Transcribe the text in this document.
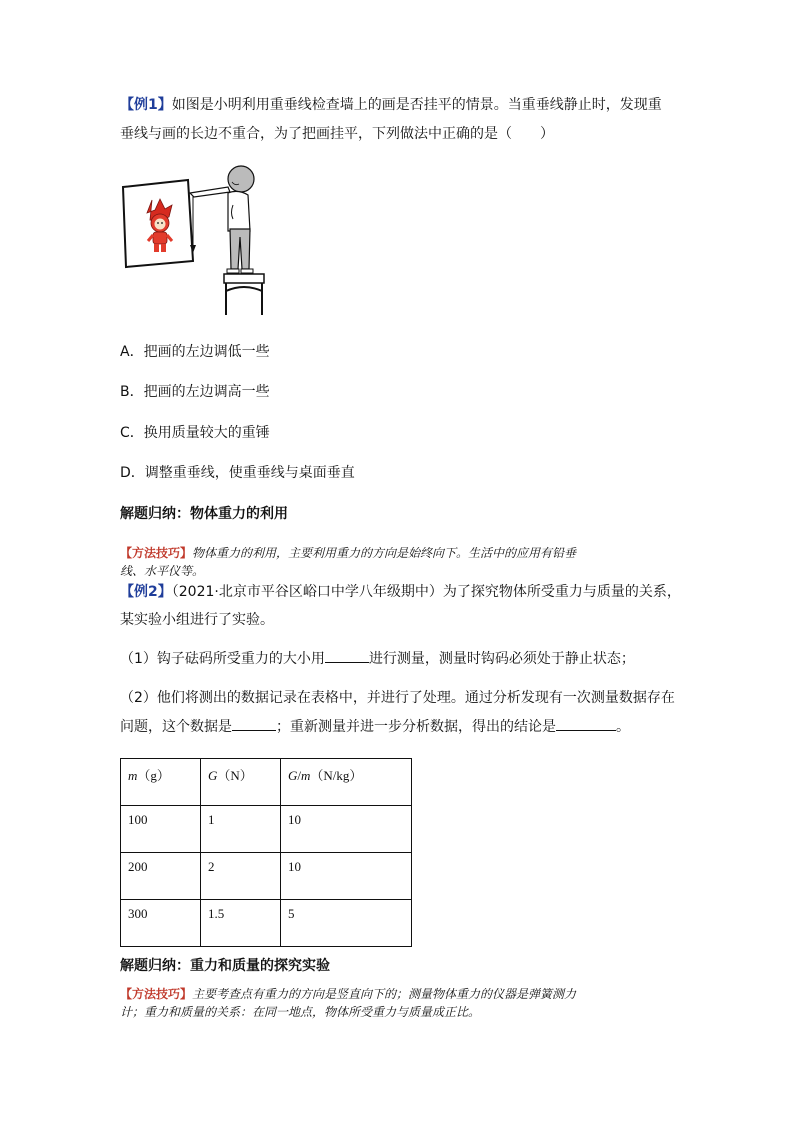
【例1】如图是小明利用重垂线检查墙上的画是否挂平的情景。当重垂线静止时，发现重
垂线与画的长边不重合，为了把画挂平，下列做法中正确的是（　　）
A．把画的左边调低一些
B．把画的左边调高一些
C．换用质量较大的重锤
D．调整重垂线，使重垂线与桌面垂直
解题归纳：物体重力的利用
【方法技巧】物体重力的利用，主要利用重力的方向是始终向下。生活中的应用有铅垂
线、水平仪等。
【例2】（2021·北京市平谷区峪口中学八年级期中）为了探究物体所受重力与质量的关系，
某实验小组进行了实验。
（1）钩子砝码所受重力的大小用	进行测量，测量时钩码必须处于静止状态；
（2）他们将测出的数据记录在表格中，并进行了处理。通过分析发现有一次测量数据存在
问题，这个数据是	；重新测量并进一步分析数据，得出的结论是	。
m（g）	G（N）	G/m（N/kg）
100	1	10
200	2	10
300	1.5	5
解题归纳：重力和质量的探究实验
【方法技巧】主要考查点有重力的方向是竖直向下的；测量物体重力的仪器是弹簧测力
计；重力和质量的关系：在同一地点，物体所受重力与质量成正比。
